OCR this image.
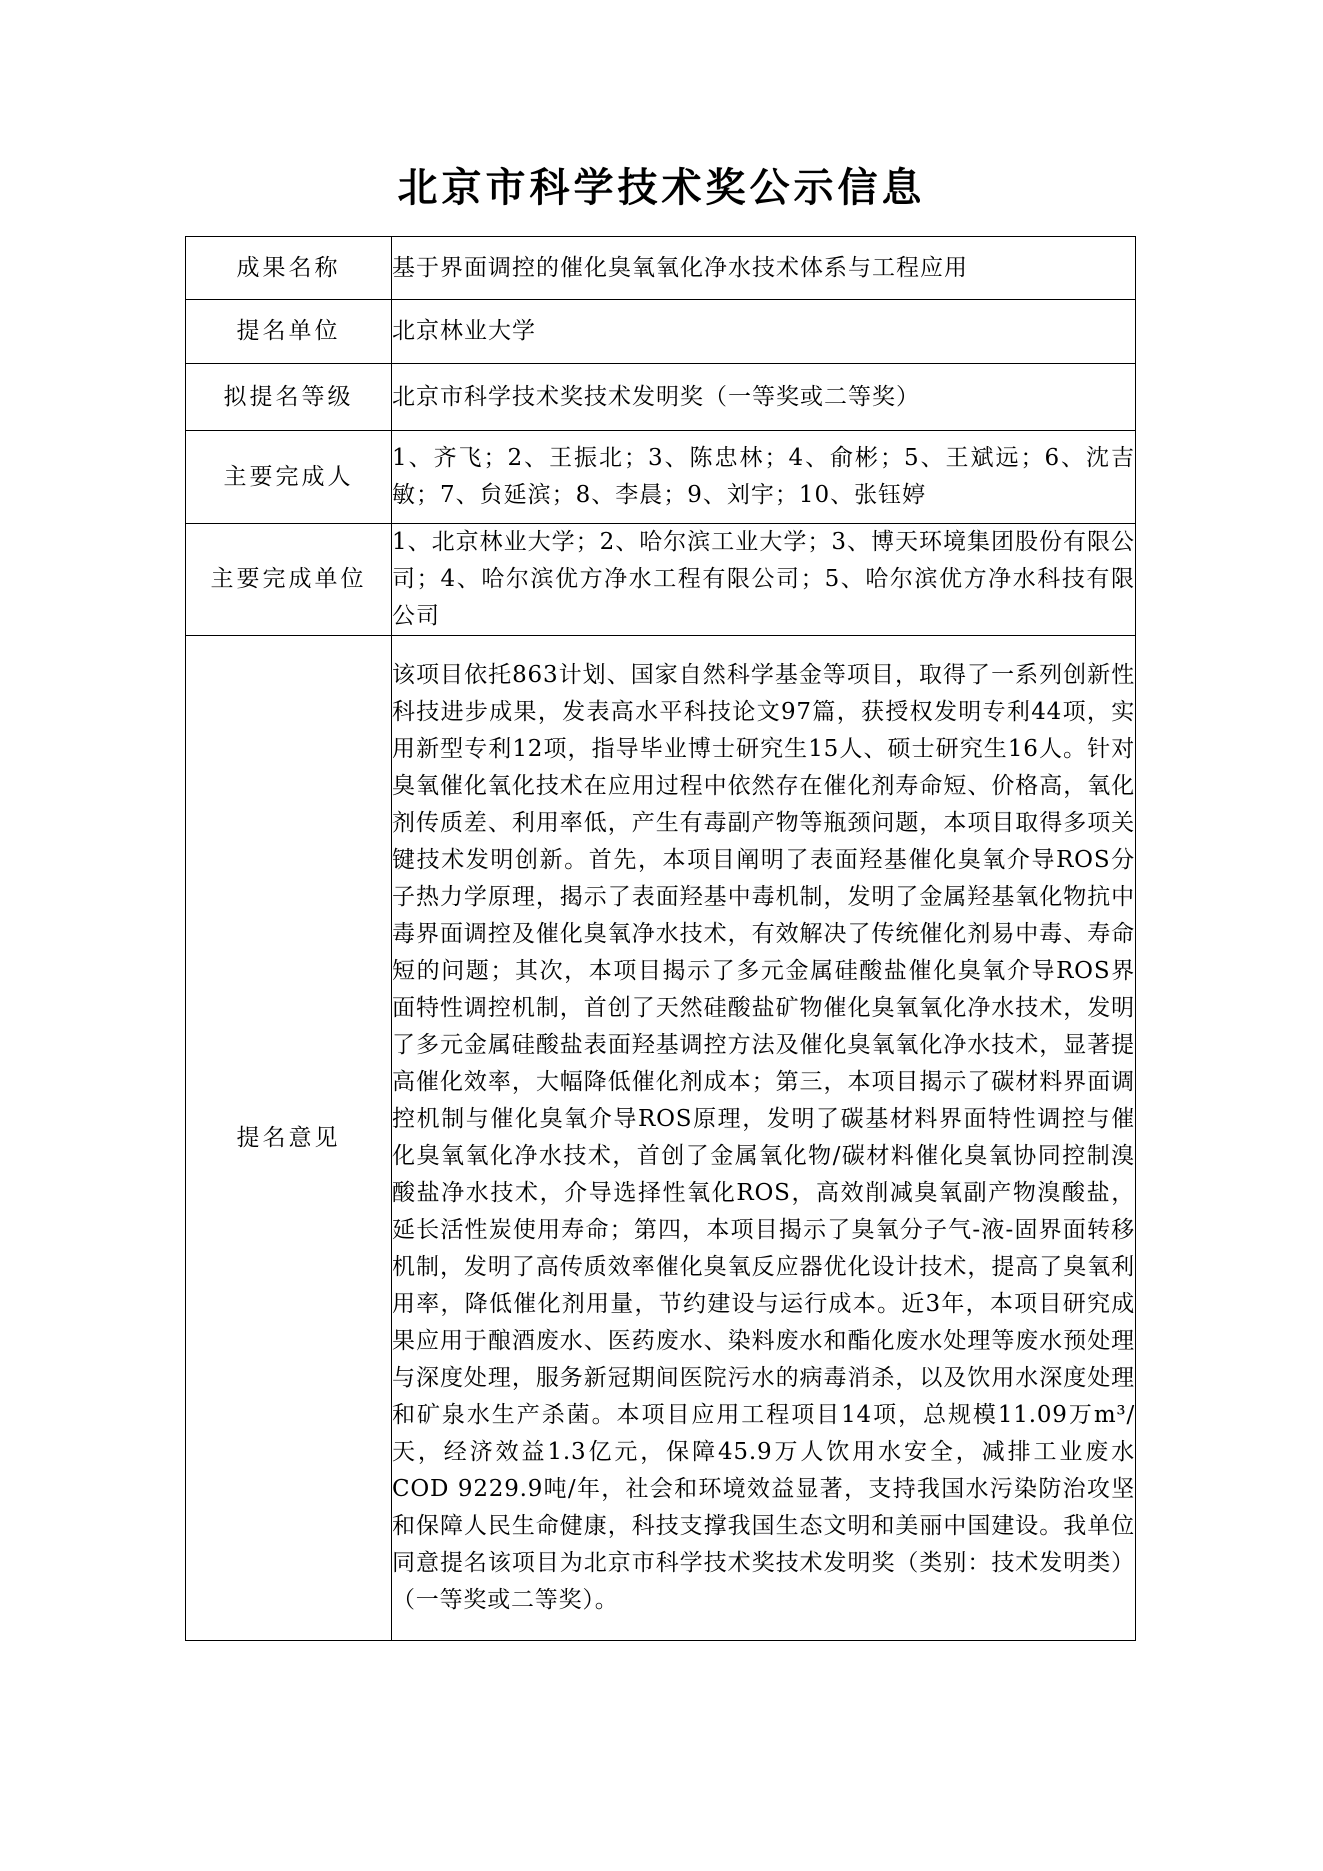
北京市科学技术奖公示信息
成果名称	基于界面调控的催化臭氧氧化净水技术体系与工程应用
提名单位	北京林业大学
拟提名等级	北京市科学技术奖技术发明奖（一等奖或二等奖）
主要完成人	1、齐飞；2、王振北；3、陈忠林；4、俞彬；5、王斌远；6、沈吉敏；7、贠延滨；8、李晨；9、刘宇；10、张钰婷
主要完成单位	1、北京林业大学；2、哈尔滨工业大学；3、博天环境集团股份有限公司；4、哈尔滨优方净水工程有限公司；5、哈尔滨优方净水科技有限公司
提名意见	该项目依托863计划、国家自然科学基金等项目，取得了一系列创新性科技进步成果，发表高水平科技论文97篇，获授权发明专利44项，实用新型专利12项，指导毕业博士研究生15人、硕士研究生16人。针对臭氧催化氧化技术在应用过程中依然存在催化剂寿命短、价格高，氧化剂传质差、利用率低，产生有毒副产物等瓶颈问题，本项目取得多项关键技术发明创新。首先，本项目阐明了表面羟基催化臭氧介导ROS分子热力学原理，揭示了表面羟基中毒机制，发明了金属羟基氧化物抗中毒界面调控及催化臭氧净水技术，有效解决了传统催化剂易中毒、寿命短的问题；其次，本项目揭示了多元金属硅酸盐催化臭氧介导ROS界面特性调控机制，首创了天然硅酸盐矿物催化臭氧氧化净水技术，发明了多元金属硅酸盐表面羟基调控方法及催化臭氧氧化净水技术，显著提高催化效率，大幅降低催化剂成本；第三，本项目揭示了碳材料界面调控机制与催化臭氧介导ROS原理，发明了碳基材料界面特性调控与催化臭氧氧化净水技术，首创了金属氧化物/碳材料催化臭氧协同控制溴酸盐净水技术，介导选择性氧化ROS，高效削减臭氧副产物溴酸盐，延长活性炭使用寿命；第四，本项目揭示了臭氧分子气-液-固界面转移机制，发明了高传质效率催化臭氧反应器优化设计技术，提高了臭氧利用率，降低催化剂用量，节约建设与运行成本。近3年，本项目研究成果应用于酿酒废水、医药废水、染料废水和酯化废水处理等废水预处理与深度处理，服务新冠期间医院污水的病毒消杀，以及饮用水深度处理和矿泉水生产杀菌。本项目应用工程项目14项，总规模11.09万m³/天，经济效益1.3亿元，保障45.9万人饮用水安全，减排工业废水COD 9229.9吨/年，社会和环境效益显著，支持我国水污染防治攻坚和保障人民生命健康，科技支撑我国生态文明和美丽中国建设。我单位同意提名该项目为北京市科学技术奖技术发明奖（类别：技术发明类）（一等奖或二等奖）。
